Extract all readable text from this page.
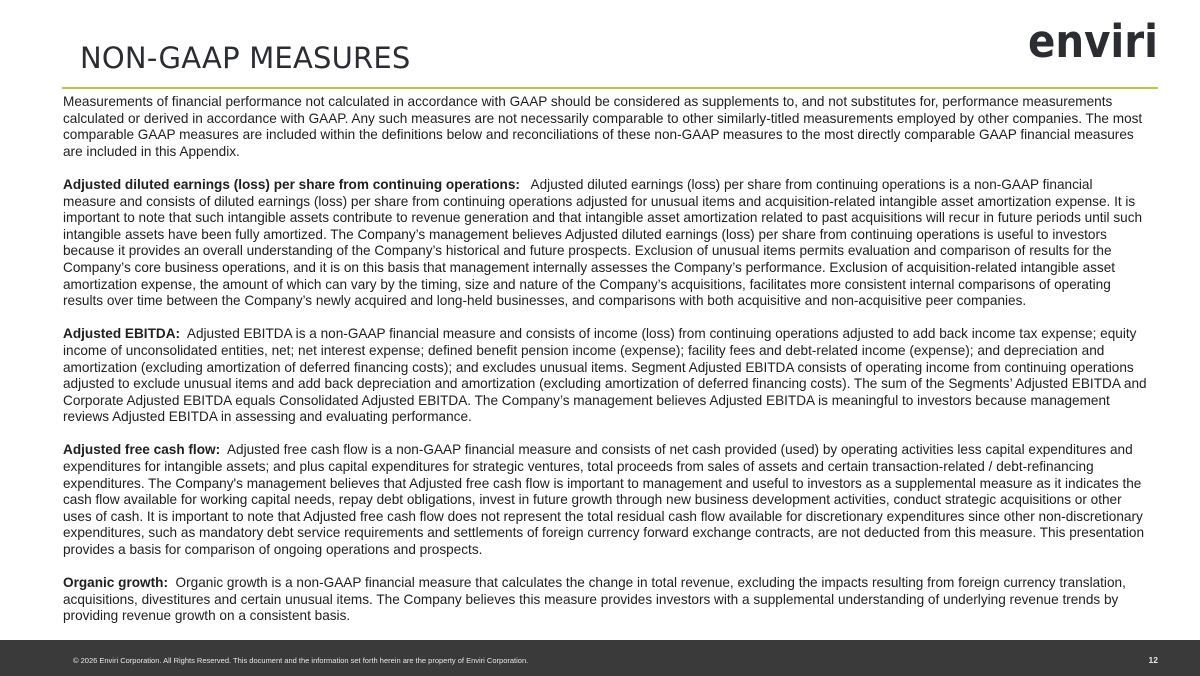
NON-GAAP MEASURES	enviri

Measurements of financial performance not calculated in accordance with GAAP should be considered as supplements to, and not substitutes for, performance measurements calculated or derived in accordance with GAAP. Any such measures are not necessarily comparable to other similarly-titled measurements employed by other companies. The most comparable GAAP measures are included within the definitions below and reconciliations of these non-GAAP measures to the most directly comparable GAAP financial measures are included in this Appendix.

Adjusted diluted earnings (loss) per share from continuing operations: Adjusted diluted earnings (loss) per share from continuing operations is a non-GAAP financial measure and consists of diluted earnings (loss) per share from continuing operations adjusted for unusual items and acquisition-related intangible asset amortization expense. It is important to note that such intangible assets contribute to revenue generation and that intangible asset amortization related to past acquisitions will recur in future periods until such intangible assets have been fully amortized. The Company’s management believes Adjusted diluted earnings (loss) per share from continuing operations is useful to investors because it provides an overall understanding of the Company’s historical and future prospects. Exclusion of unusual items permits evaluation and comparison of results for the Company’s core business operations, and it is on this basis that management internally assesses the Company’s performance. Exclusion of acquisition-related intangible asset amortization expense, the amount of which can vary by the timing, size and nature of the Company’s acquisitions, facilitates more consistent internal comparisons of operating results over time between the Company’s newly acquired and long-held businesses, and comparisons with both acquisitive and non-acquisitive peer companies.

Adjusted EBITDA: Adjusted EBITDA is a non-GAAP financial measure and consists of income (loss) from continuing operations adjusted to add back income tax expense; equity income of unconsolidated entities, net; net interest expense; defined benefit pension income (expense); facility fees and debt-related income (expense); and depreciation and amortization (excluding amortization of deferred financing costs); and excludes unusual items. Segment Adjusted EBITDA consists of operating income from continuing operations adjusted to exclude unusual items and add back depreciation and amortization (excluding amortization of deferred financing costs). The sum of the Segments’ Adjusted EBITDA and Corporate Adjusted EBITDA equals Consolidated Adjusted EBITDA. The Company’s management believes Adjusted EBITDA is meaningful to investors because management reviews Adjusted EBITDA in assessing and evaluating performance.

Adjusted free cash flow: Adjusted free cash flow is a non-GAAP financial measure and consists of net cash provided (used) by operating activities less capital expenditures and expenditures for intangible assets; and plus capital expenditures for strategic ventures, total proceeds from sales of assets and certain transaction-related / debt-refinancing expenditures. The Company's management believes that Adjusted free cash flow is important to management and useful to investors as a supplemental measure as it indicates the cash flow available for working capital needs, repay debt obligations, invest in future growth through new business development activities, conduct strategic acquisitions or other uses of cash. It is important to note that Adjusted free cash flow does not represent the total residual cash flow available for discretionary expenditures since other non-discretionary expenditures, such as mandatory debt service requirements and settlements of foreign currency forward exchange contracts, are not deducted from this measure. This presentation provides a basis for comparison of ongoing operations and prospects.

Organic growth: Organic growth is a non-GAAP financial measure that calculates the change in total revenue, excluding the impacts resulting from foreign currency translation, acquisitions, divestitures and certain unusual items. The Company believes this measure provides investors with a supplemental understanding of underlying revenue trends by providing revenue growth on a consistent basis.

© 2026 Enviri Corporation. All Rights Reserved. This document and the information set forth herein are the property of Enviri Corporation.	12
